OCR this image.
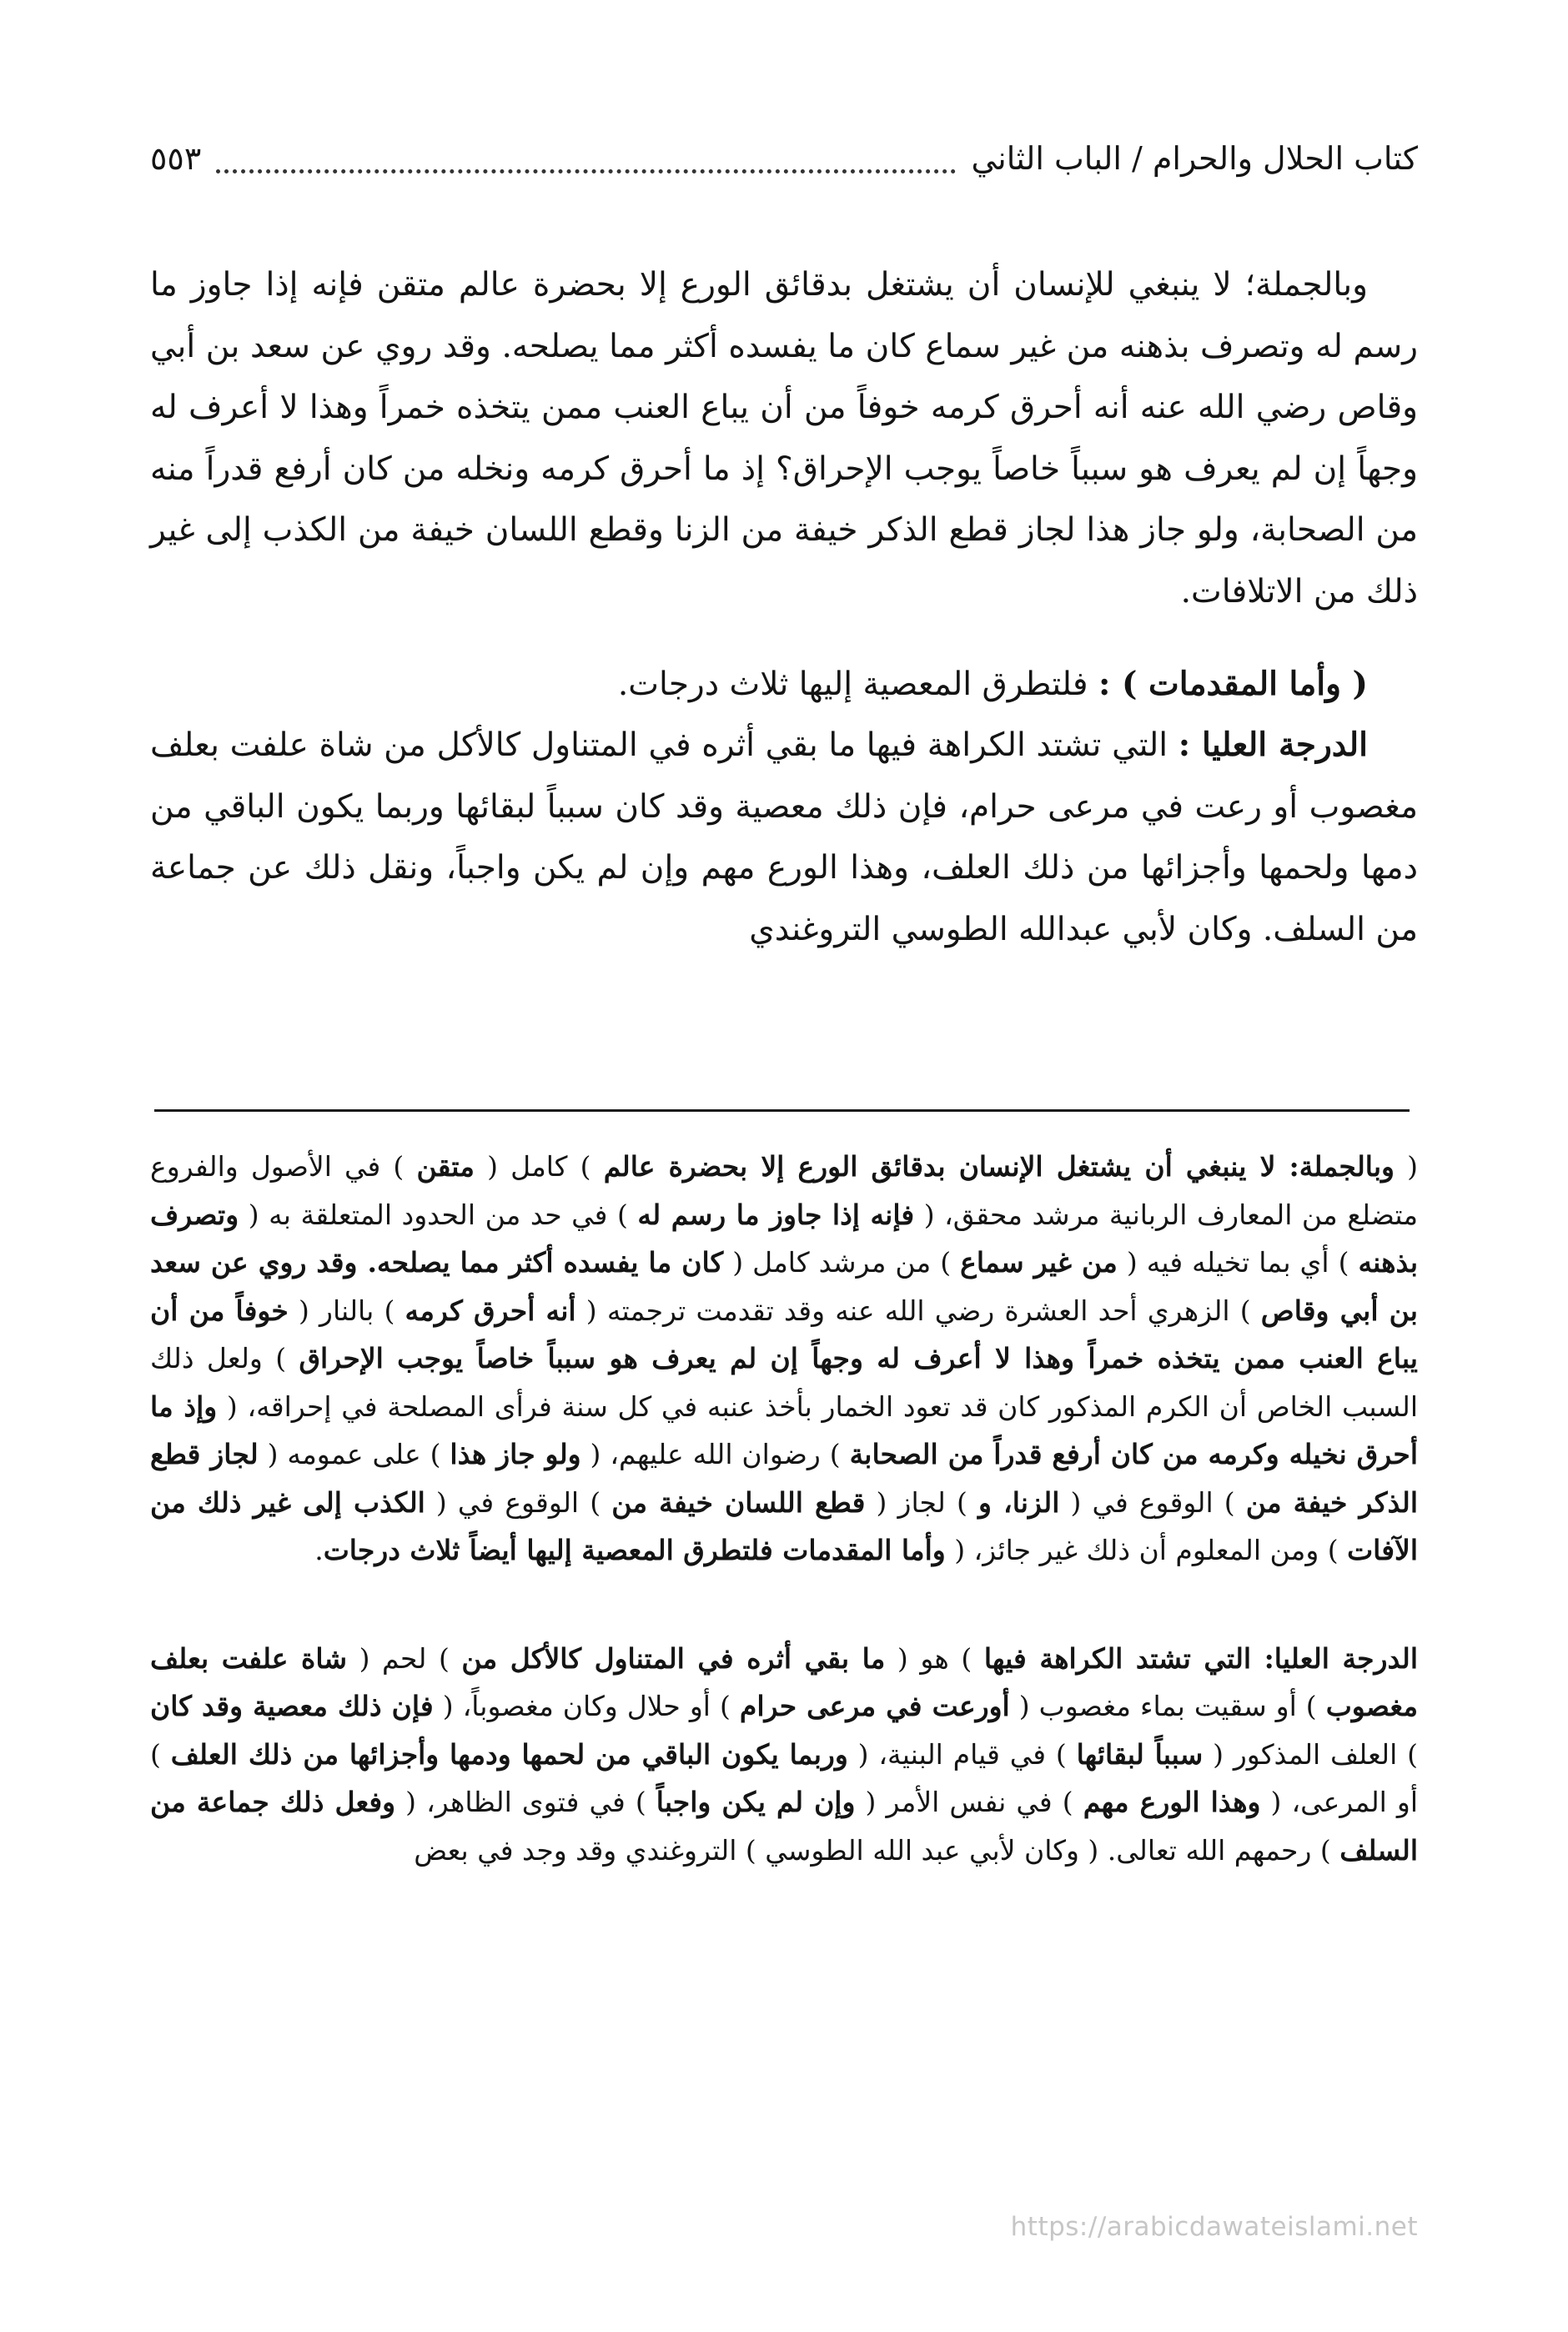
كتاب الحلال والحرام / الباب الثاني
٥٥٣

وبالجملة؛ لا ينبغي للإنسان أن يشتغل بدقائق الورع إلا بحضرة عالم متقن فإنه إذا جاوز ما رسم له وتصرف بذهنه من غير سماع كان ما يفسده أكثر مما يصلحه. وقد روي عن سعد بن أبي وقاص رضي الله عنه أنه أحرق كرمه خوفاً من أن يباع العنب ممن يتخذه خمراً وهذا لا أعرف له وجهاً إن لم يعرف هو سبباً خاصاً يوجب الإحراق؟ إذ ما أحرق كرمه ونخله من كان أرفع قدراً منه من الصحابة، ولو جاز هذا لجاز قطع الذكر خيفة من الزنا وقطع اللسان خيفة من الكذب إلى غير ذلك من الاتلافات.

( وأما المقدمات ) : فلتطرق المعصية إليها ثلاث درجات.

الدرجة العليا : التي تشتد الكراهة فيها ما بقي أثره في المتناول كالأكل من شاة علفت بعلف مغصوب أو رعت في مرعى حرام، فإن ذلك معصية وقد كان سبباً لبقائها وربما يكون الباقي من دمها ولحمها وأجزائها من ذلك العلف، وهذا الورع مهم وإن لم يكن واجباً، ونقل ذلك عن جماعة من السلف. وكان لأبي عبدالله الطوسي التروغندي

( وبالجملة: لا ينبغي أن يشتغل الإنسان بدقائق الورع إلا بحضرة عالم ) كامل ( متقن ) في الأصول والفروع متضلع من المعارف الربانية مرشد محقق، ( فإنه إذا جاوز ما رسم له ) في حد من الحدود المتعلقة به ( وتصرف بذهنه ) أي بما تخيله فيه ( من غير سماع ) من مرشد كامل ( كان ما يفسده أكثر مما يصلحه. وقد روي عن سعد بن أبي وقاص ) الزهري أحد العشرة رضي الله عنه وقد تقدمت ترجمته ( أنه أحرق كرمه ) بالنار ( خوفاً من أن يباع العنب ممن يتخذه خمراً وهذا لا أعرف له وجهاً إن لم يعرف هو سبباً خاصاً يوجب الإحراق ) ولعل ذلك السبب الخاص أن الكرم المذكور كان قد تعود الخمار بأخذ عنبه في كل سنة فرأى المصلحة في إحراقه، ( وإذ ما أحرق نخيله وكرمه من كان أرفع قدراً من الصحابة ) رضوان الله عليهم، ( ولو جاز هذا ) على عمومه ( لجاز قطع الذكر خيفة من ) الوقوع في ( الزنا، و ) لجاز ( قطع اللسان خيفة من ) الوقوع في ( الكذب إلى غير ذلك من الآفات ) ومن المعلوم أن ذلك غير جائز، ( وأما المقدمات فلتطرق المعصية إليها أيضاً ثلاث درجات.

الدرجة العليا: التي تشتد الكراهة فيها ) هو ( ما بقي أثره في المتناول كالأكل من ) لحم ( شاة علفت بعلف مغصوب ) أو سقيت بماء مغصوب ( أورعت في مرعى حرام ) أو حلال وكان مغصوباً، ( فإن ذلك معصية وقد كان ) العلف المذكور ( سبباً لبقائها ) في قيام البنية، ( وربما يكون الباقي من لحمها ودمها وأجزائها من ذلك العلف ) أو المرعى، ( وهذا الورع مهم ) في نفس الأمر ( وإن لم يكن واجباً ) في فتوى الظاهر، ( وفعل ذلك جماعة من السلف ) رحمهم الله تعالى. ( وكان لأبي عبد الله الطوسي ) التروغندي وقد وجد في بعض

https://arabicdawateislami.net
